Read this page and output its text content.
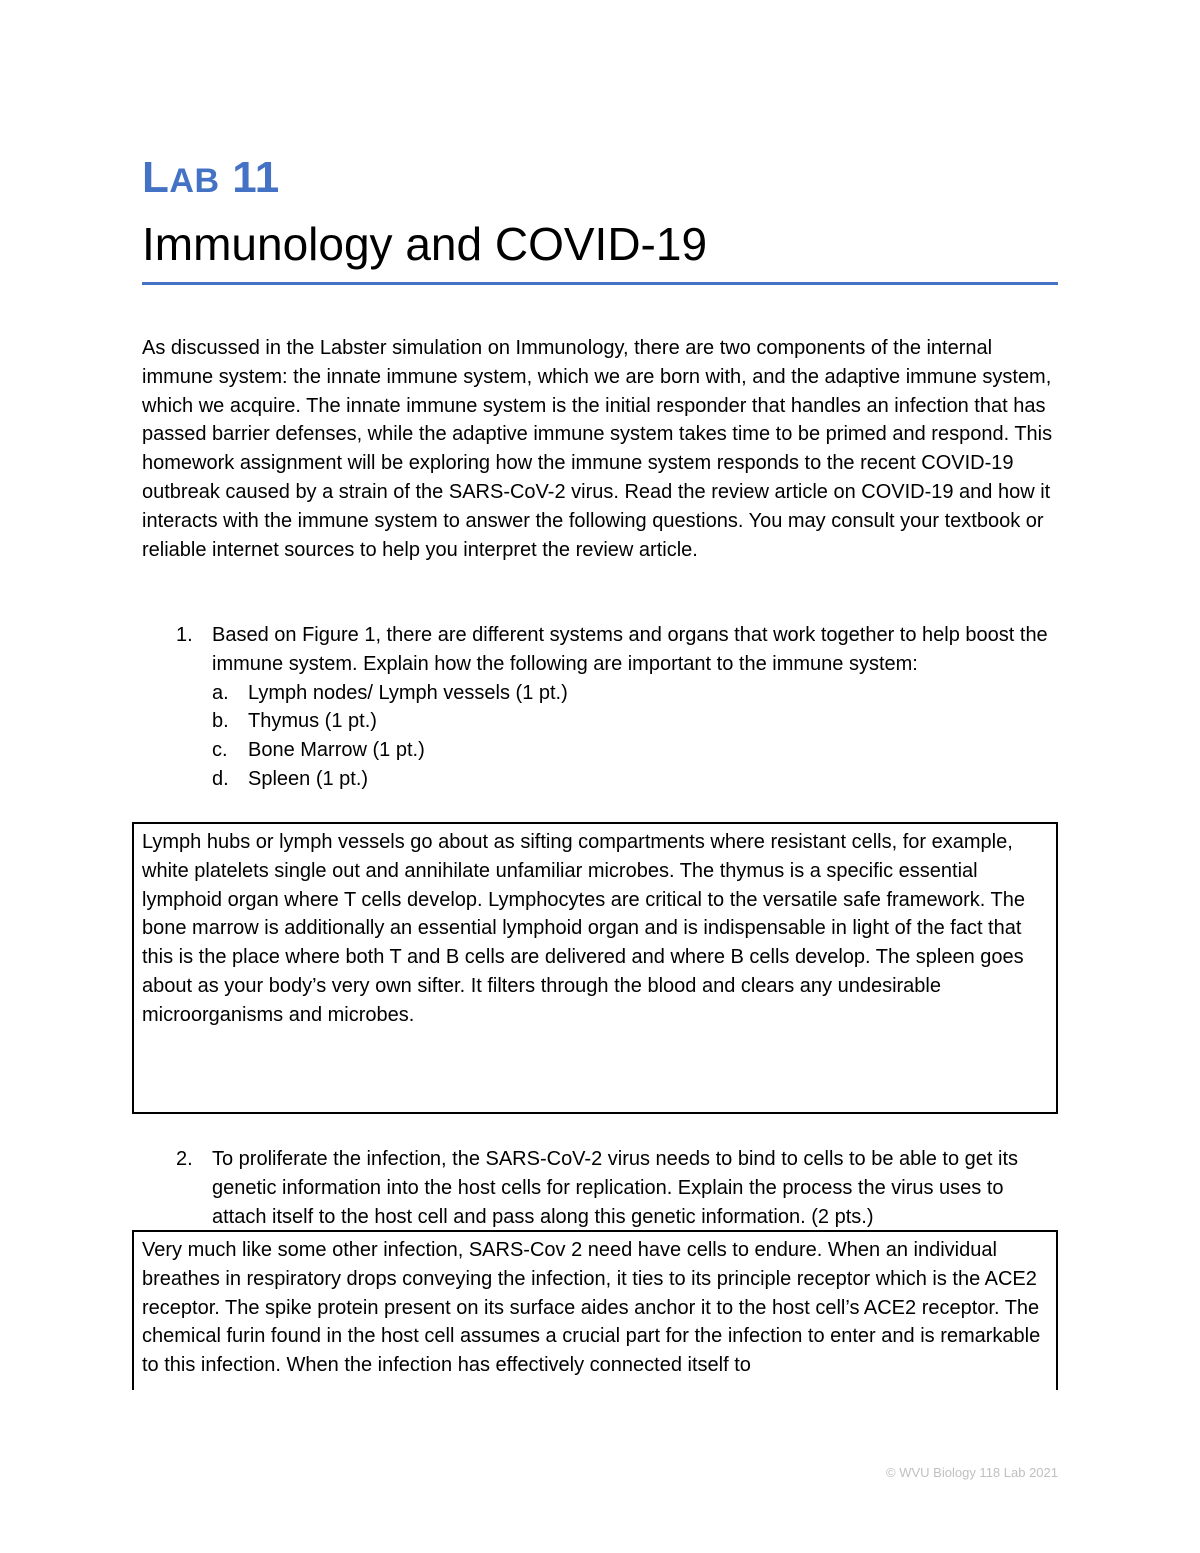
LAB 11
Immunology and COVID-19
As discussed in the Labster simulation on Immunology, there are two components of the internal immune system: the innate immune system, which we are born with, and the adaptive immune system, which we acquire. The innate immune system is the initial responder that handles an infection that has passed barrier defenses, while the adaptive immune system takes time to be primed and respond. This homework assignment will be exploring how the immune system responds to the recent COVID-19 outbreak caused by a strain of the SARS-CoV-2 virus. Read the review article on COVID-19 and how it interacts with the immune system to answer the following questions. You may consult your textbook or reliable internet sources to help you interpret the review article.
1. Based on Figure 1, there are different systems and organs that work together to help boost the immune system. Explain how the following are important to the immune system:
a. Lymph nodes/ Lymph vessels (1 pt.)
b. Thymus (1 pt.)
c.	Bone Marrow (1 pt.)
d. Spleen (1 pt.)
Lymph hubs or lymph vessels go about as sifting compartments where resistant cells, for example, white platelets single out and annihilate unfamiliar microbes. The thymus is a specific essential lymphoid organ where T cells develop. Lymphocytes are critical to the versatile safe framework. The bone marrow is additionally an essential lymphoid organ and is indispensable in light of the fact that this is the place where both T and B cells are delivered and where B cells develop. The spleen goes about as your body’s very own sifter. It filters through the blood and clears any undesirable microorganisms and microbes.
2. To proliferate the infection, the SARS-CoV-2 virus needs to bind to cells to be able to get its genetic information into the host cells for replication. Explain the process the virus uses to attach itself to the host cell and pass along this genetic information. (2 pts.)
Very much like some other infection, SARS-Cov 2 need have cells to endure. When an individual breathes in respiratory drops conveying the infection, it ties to its principle receptor which is the ACE2 receptor. The spike protein present on its surface aides anchor it to the host cell’s ACE2 receptor. The chemical furin found in the host cell assumes a crucial part for the infection to enter and is remarkable to this infection. When the infection has effectively connected itself to
© WVU Biology 118 Lab 2021
